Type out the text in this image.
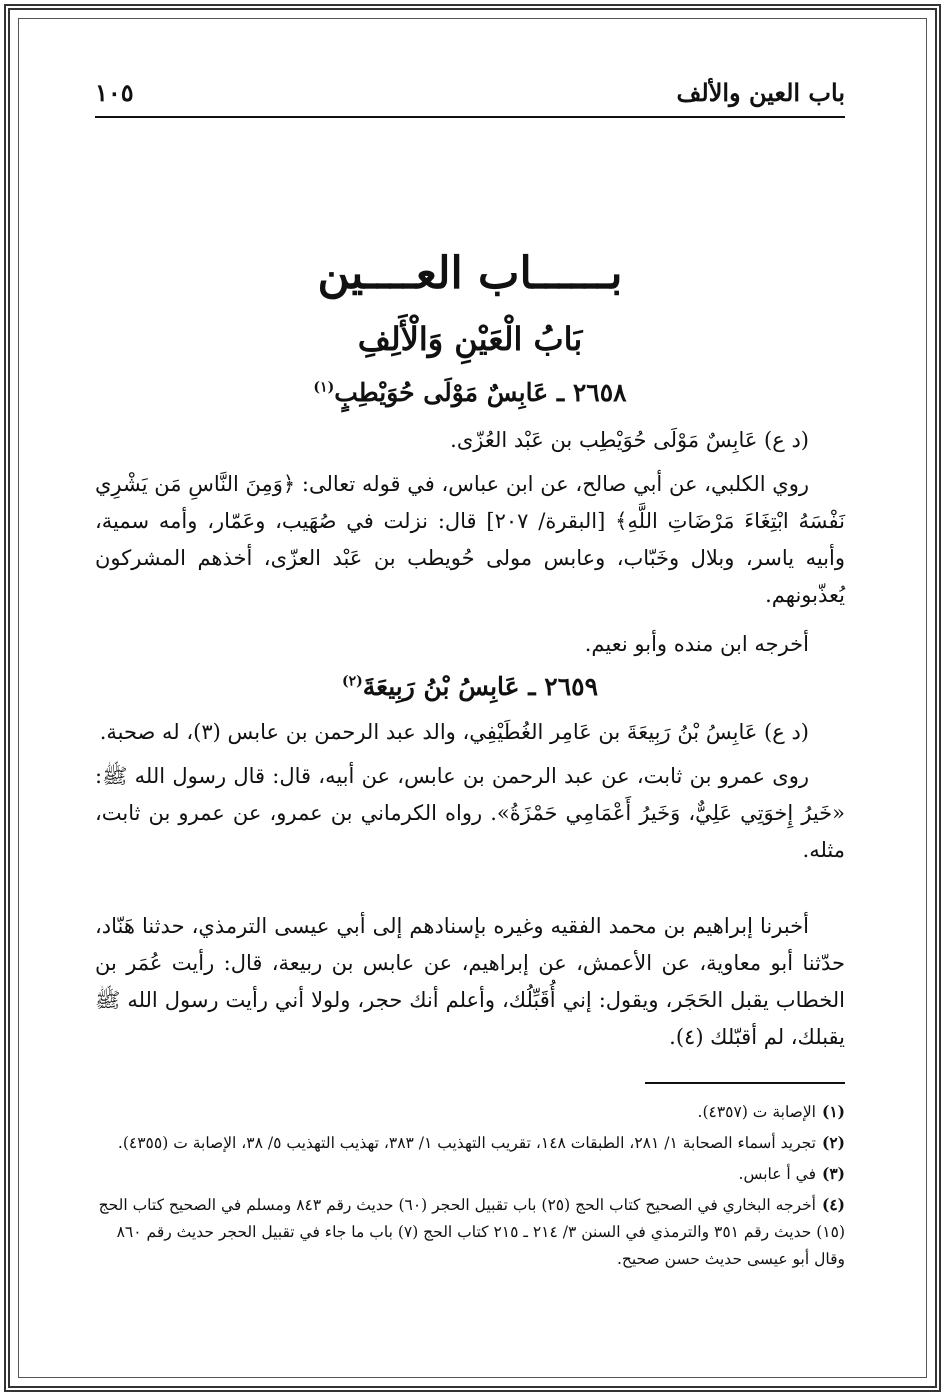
باب العين والألف
١٠٥
بــــــاب العــــين
بَابُ الْعَيْنِ وَالْأَلِفِ
٢٦٥٨ ـ عَابِسٌ مَوْلَى حُوَيْطِبٍ$^{(١)}$
(د ع) عَابِسٌ مَوْلَى حُوَيْطِب بن عَبْد العُزّى.
روي الكلبي، عن أبي صالح، عن ابن عباس، في قوله تعالى: ﴿وَمِنَ النَّاسِ مَن يَشْرِي نَفْسَهُ ابْتِغَاءَ مَرْضَاتِ اللَّهِ﴾ [البقرة/ ٢٠٧] قال: نزلت في صُهَيب، وعَمّار، وأمه سمية، وأبيه ياسر، وبلال وخَبّاب، وعابس مولى حُويطب بن عَبْد العزّى، أخذهم المشركون يُعذّبونهم.
أخرجه ابن منده وأبو نعيم.
٢٦٥٩ ـ عَابِسُ بْنُ رَبِيعَةَ$^{(٢)}$
(د ع) عَابِسُ بْنُ رَبِيعَةَ بن عَامِر الغُطَيْفِي، والد عبد الرحمن بن عابس (٣)، له صحبة.
روى عمرو بن ثابت، عن عبد الرحمن بن عابس، عن أبيه، قال: قال رسول الله ﷺ: «خَيرُ إِخوَتِي عَلِيٌّ، وَخَيرُ أَعْمَامِي حَمْزَةُ». رواه الكرماني بن عمرو، عن عمرو بن ثابت، مثله.
أخبرنا إبراهيم بن محمد الفقيه وغيره بإسنادهم إلى أبي عيسى الترمذي، حدثنا هَنّاد، حدّثنا أبو معاوية، عن الأعمش، عن إبراهيم، عن عابس بن ربيعة، قال: رأيت عُمَر بن الخطاب يقبل الحَجَر، ويقول: إني أُقَبِّلُك، وأعلم أنك حجر، ولولا أني رأيت رسول الله ﷺ يقبلك، لم أقبّلك (٤).
(١)الإصابة ت (٤٣٥٧).
(٢)تجريد أسماء الصحابة ١/ ٢٨١، الطبقات ١٤٨، تقريب التهذيب ١/ ٣٨٣، تهذيب التهذيب ٥/ ٣٨، الإصابة ت (٤٣٥٥).
(٣)في أ عابس.
(٤)أخرجه البخاري في الصحيح كتاب الحج (٢٥) باب تقبيل الحجر (٦٠) حديث رقم ٨٤٣ ومسلم في الصحيح كتاب الحج (١٥) حديث رقم ٣٥١ والترمذي في السنن ٣/ ٢١٤ ـ ٢١٥ كتاب الحج (٧) باب ما جاء في تقبيل الحجر حديث رقم ٨٦٠ وقال أبو عيسى حديث حسن صحيح.
